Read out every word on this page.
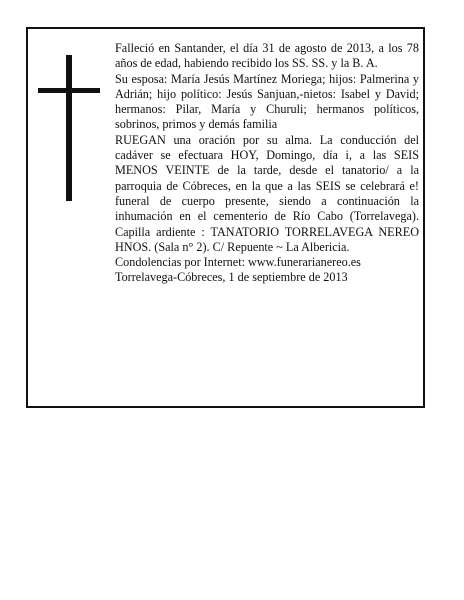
Falleció en Santander, el día 31 de agosto de 2013, a los 78 años de edad, habiendo recibido los SS. SS. y la B. A.

Su esposa: María Jesús Martínez Moriega; hijos: Palmerina y Adrián; hijo político: Jesús Sanjuan,-nietos: Isabel y David; hermanos: Pilar, María y Churuli; hermanos políticos, sobrinos, primos y demás familia

RUEGAN una oración por su alma. La conducción del cadáver se efectuara HOY, Domingo, día i, a las SEIS MENOS VEINTE de la tarde, desde el tanatorio/ a la parroquia de Cóbreces, en la que a las SEIS se celebrará e! funeral de cuerpo presente, siendo a continuación la inhumación en el cementerio de Río Cabo (Torrelavega). Capilla ardiente : TANATORIO TORRELAVEGA NEREO HNOS. (Sala n° 2). C/ Repuente ~ La Albericia.

Condolencias por Internet: www.funerarianereo.es

Torrelavega-Cóbreces, 1 de septiembre de 2013
